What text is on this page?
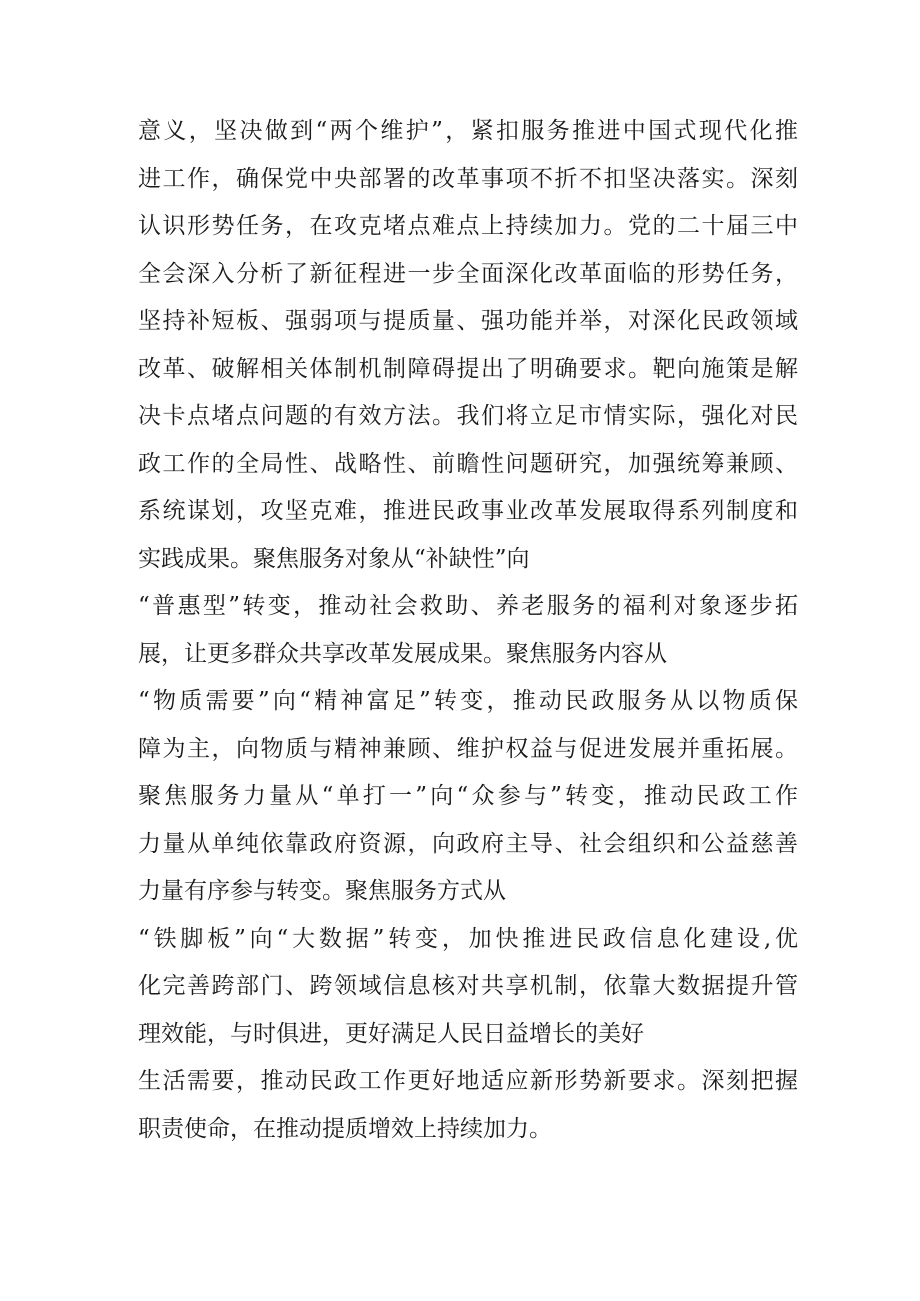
意义，坚决做到“两个维护”，紧扣服务推进中国式现代化推
进工作，确保党中央部署的改革事项不折不扣坚决落实。深刻
认识形势任务，在攻克堵点难点上持续加力。党的二十届三中
全会深入分析了新征程进一步全面深化改革面临的形势任务，
坚持补短板、强弱项与提质量、强功能并举，对深化民政领域
改革、破解相关体制机制障碍提出了明确要求。靶向施策是解
决卡点堵点问题的有效方法。我们将立足市情实际，强化对民
政工作的全局性、战略性、前瞻性问题研究，加强统筹兼顾、
系统谋划，攻坚克难，推进民政事业改革发展取得系列制度和
实践成果。聚焦服务对象从“补缺性”向
“普惠型”转变，推动社会救助、养老服务的福利对象逐步拓
展，让更多群众共享改革发展成果。聚焦服务内容从
“物质需要”向“精神富足”转变，推动民政服务从以物质保
障为主，向物质与精神兼顾、维护权益与促进发展并重拓展。
聚焦服务力量从“单打一”向“众参与”转变，推动民政工作
力量从单纯依靠政府资源，向政府主导、社会组织和公益慈善
力量有序参与转变。聚焦服务方式从
“铁脚板”向“大数据”转变，加快推进民政信息化建设,优
化完善跨部门、跨领域信息核对共享机制，依靠大数据提升管
理效能，与时俱进，更好满足人民日益增长的美好
生活需要，推动民政工作更好地适应新形势新要求。深刻把握
职责使命，在推动提质增效上持续加力。
